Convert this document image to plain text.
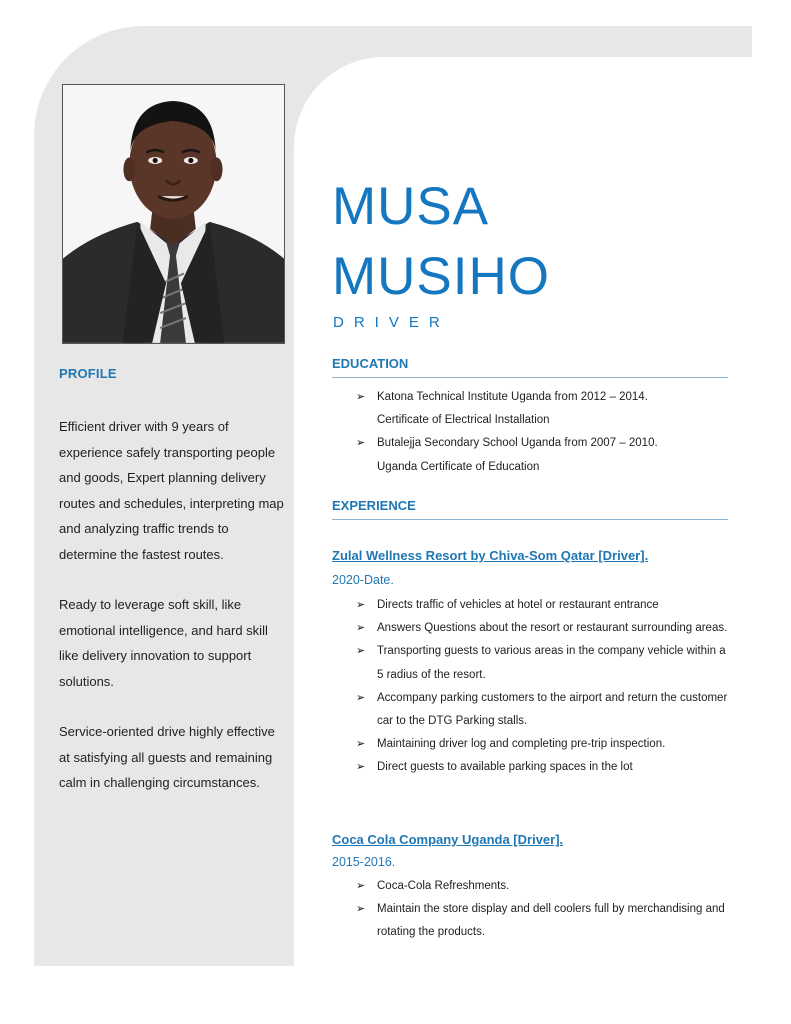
PROFILE

Efficient driver with 9 years of experience safely transporting people and goods, Expert planning delivery routes and schedules, interpreting map and analyzing traffic trends to determine the fastest routes.

Ready to leverage soft skill, like emotional intelligence, and hard skill like delivery innovation to support solutions.

Service-oriented drive highly effective at satisfying all guests and remaining calm in challenging circumstances.

MUSA
MUSIHO
DRIVER
EDUCATION
➢ Katona Technical Institute Uganda from 2012 – 2014.
Certificate of Electrical Installation
➢ Butalejja Secondary School Uganda from 2007 – 2010.
Uganda Certificate of Education
EXPERIENCE
Zulal Wellness Resort by Chiva-Som Qatar [Driver].
2020-Date.
➢ Directs traffic of vehicles at hotel or restaurant entrance
➢ Answers Questions about the resort or restaurant surrounding areas.
➢ Transporting guests to various areas in the company vehicle within a 5 radius of the resort.
➢ Accompany parking customers to the airport and return the customer car to the DTG Parking stalls.
➢ Maintaining driver log and completing pre-trip inspection.
➢ Direct guests to available parking spaces in the lot
Coca Cola Company Uganda [Driver].
2015-2016.
➢ Coca-Cola Refreshments.
➢ Maintain the store display and dell coolers full by merchandising and rotating the products.
